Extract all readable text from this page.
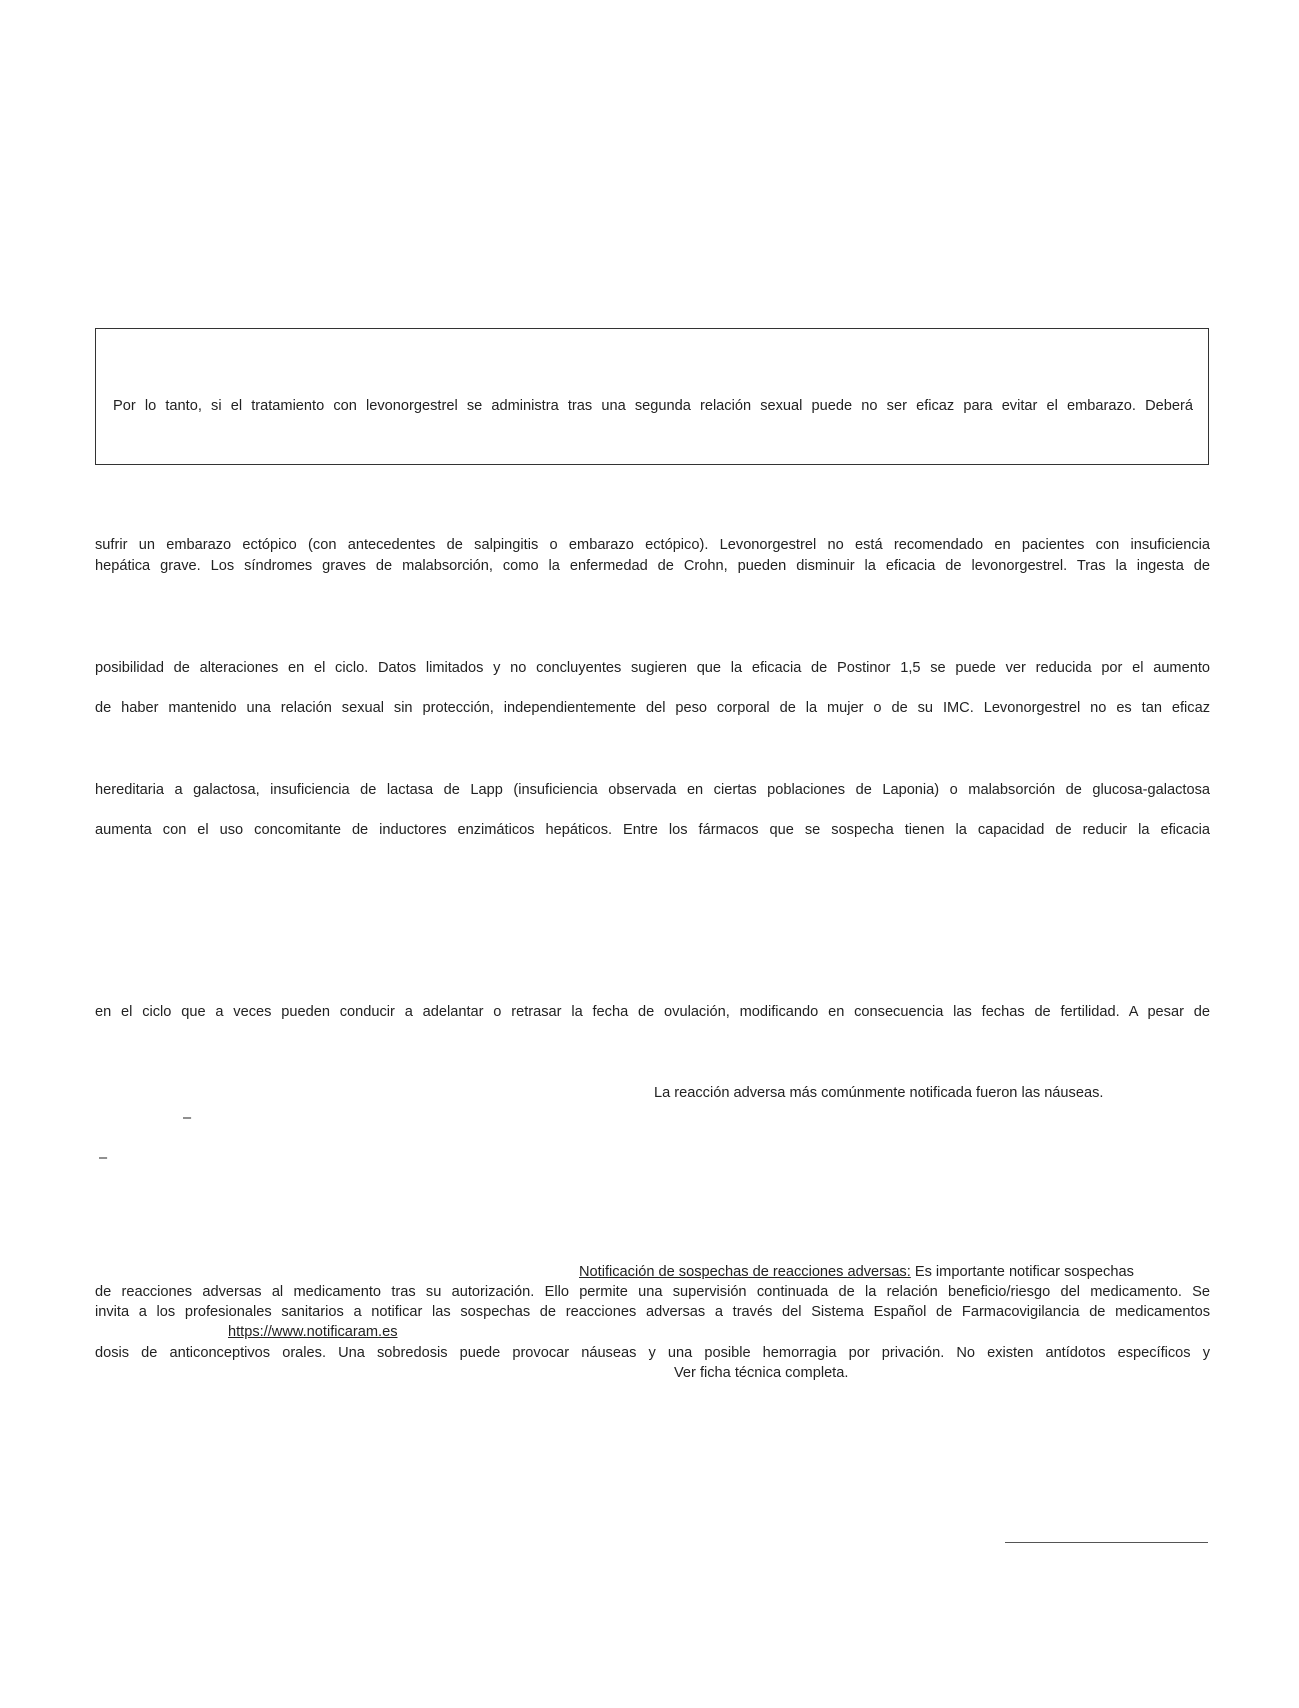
Por lo tanto, si el tratamiento con levonorgestrel se administra tras una segunda relación sexual puede no ser eficaz para evitar el embarazo. Deberá
sufrir un embarazo ectópico (con antecedentes de salpingitis o embarazo ectópico). Levonorgestrel no está recomendado en pacientes con insuficiencia
hepática grave. Los síndromes graves de malabsorción, como la enfermedad de Crohn, pueden disminuir la eficacia de levonorgestrel. Tras la ingesta de
posibilidad de alteraciones en el ciclo. Datos limitados y no concluyentes sugieren que la eficacia de Postinor 1,5 se puede ver reducida por el aumento
de haber mantenido una relación sexual sin protección, independientemente del peso corporal de la mujer o de su IMC. Levonorgestrel no es tan eficaz
hereditaria a galactosa, insuficiencia de lactasa de Lapp (insuficiencia observada en ciertas poblaciones de Laponia) o malabsorción de glucosa-galactosa
aumenta con el uso concomitante de inductores enzimáticos hepáticos. Entre los fármacos que se sospecha tienen la capacidad de reducir la eficacia
en el ciclo que a veces pueden conducir a adelantar o retrasar la fecha de ovulación, modificando en consecuencia las fechas de fertilidad. A pesar de
La reacción adversa más comúnmente notificada fueron las náuseas.
–
–
Notificación de sospechas de reacciones adversas: Es importante notificar sospechas
de reacciones adversas al medicamento tras su autorización. Ello permite una supervisión continuada de la relación beneficio/riesgo del medicamento. Se
invita a los profesionales sanitarios a notificar las sospechas de reacciones adversas a través del Sistema Español de Farmacovigilancia de medicamentos
https://www.notificaram.es
dosis de anticonceptivos orales. Una sobredosis puede provocar náuseas y una posible hemorragia por privación. No existen antídotos específicos y
Ver ficha técnica completa.
